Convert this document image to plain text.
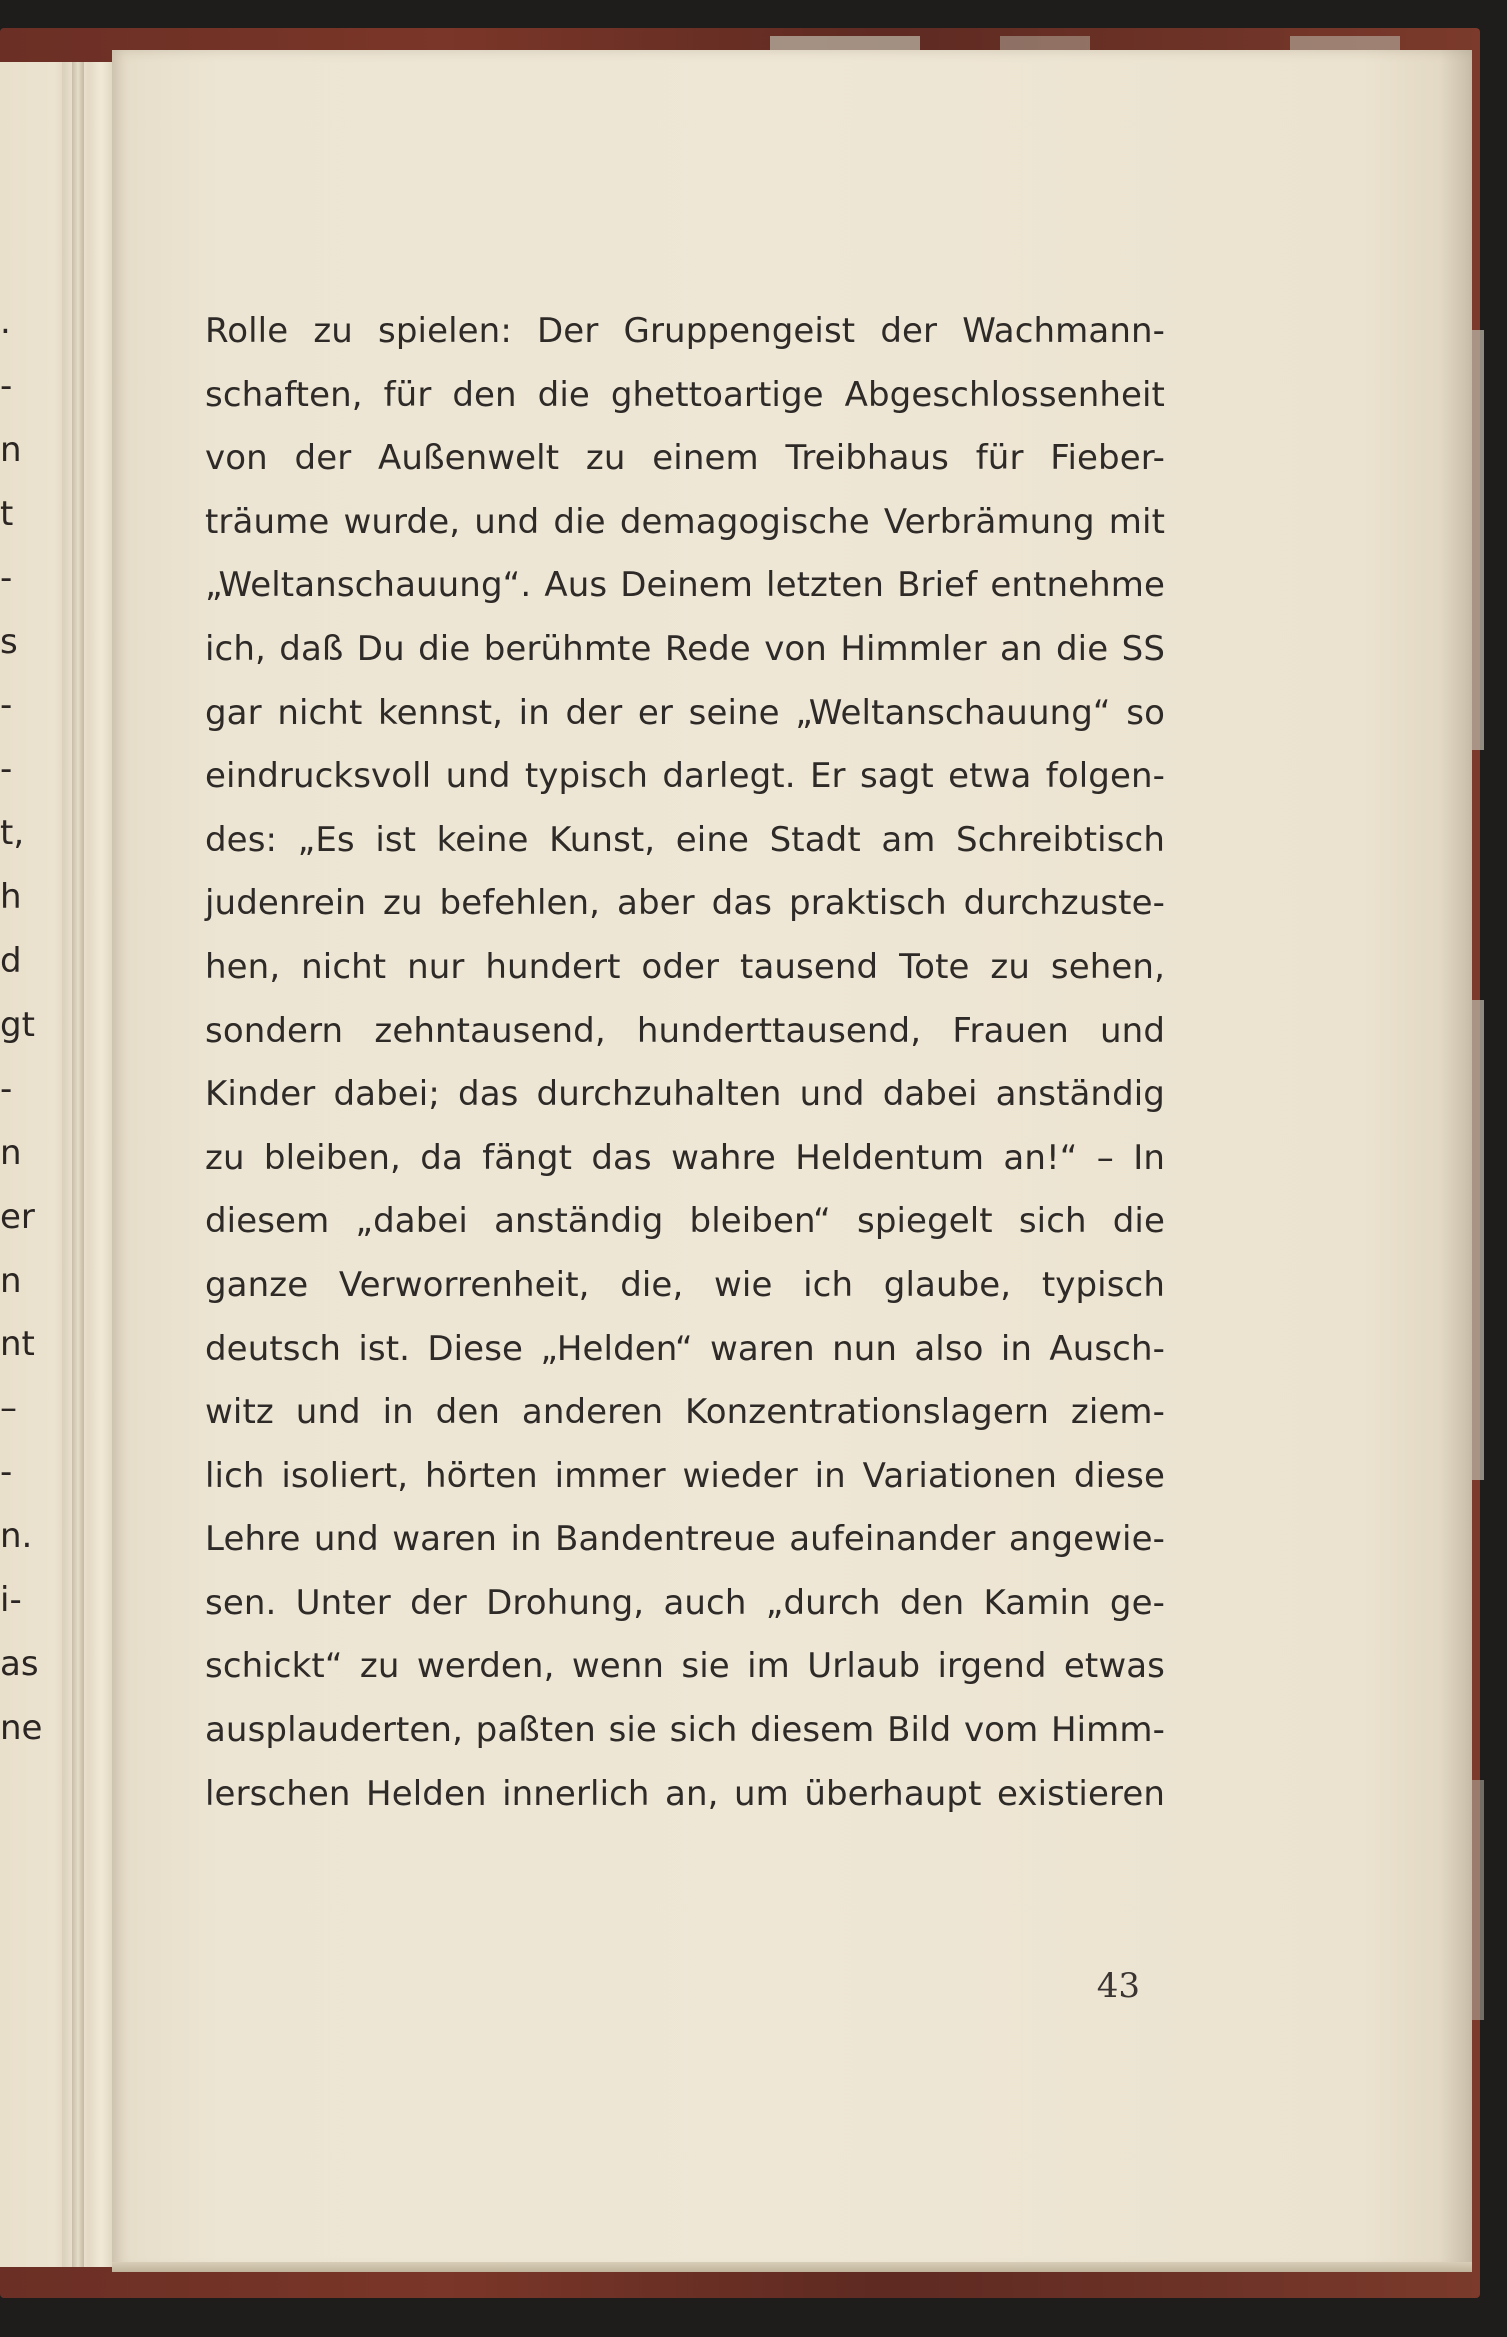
.
-
n
t
-
s
-
-
t,
h
d
gt
-
n
er
n
nt
–
-
n.
i-
as
ne
Rolle zu spielen: Der Gruppengeist der Wachmann-
schaften, für den die ghettoartige Abgeschlossenheit
von der Außenwelt zu einem Treibhaus für Fieber-
träume wurde, und die demagogische Verbrämung mit
„Weltanschauung“. Aus Deinem letzten Brief entnehme
ich, daß Du die berühmte Rede von Himmler an die SS
gar nicht kennst, in der er seine „Weltanschauung“ so
eindrucksvoll und typisch darlegt. Er sagt etwa folgen-
des: „Es ist keine Kunst, eine Stadt am Schreibtisch
judenrein zu befehlen, aber das praktisch durchzuste-
hen, nicht nur hundert oder tausend Tote zu sehen,
sondern zehntausend, hunderttausend, Frauen und
Kinder dabei; das durchzuhalten und dabei anständig
zu bleiben, da fängt das wahre Heldentum an!“ – In
diesem „dabei anständig bleiben“ spiegelt sich die
ganze Verworrenheit, die, wie ich glaube, typisch
deutsch ist. Diese „Helden“ waren nun also in Ausch-
witz und in den anderen Konzentrationslagern ziem-
lich isoliert, hörten immer wieder in Variationen diese
Lehre und waren in Bandentreue aufeinander angewie-
sen. Unter der Drohung, auch „durch den Kamin ge-
schickt“ zu werden, wenn sie im Urlaub irgend etwas
ausplauderten, paßten sie sich diesem Bild vom Himm-
lerschen Helden innerlich an, um überhaupt existieren
43
